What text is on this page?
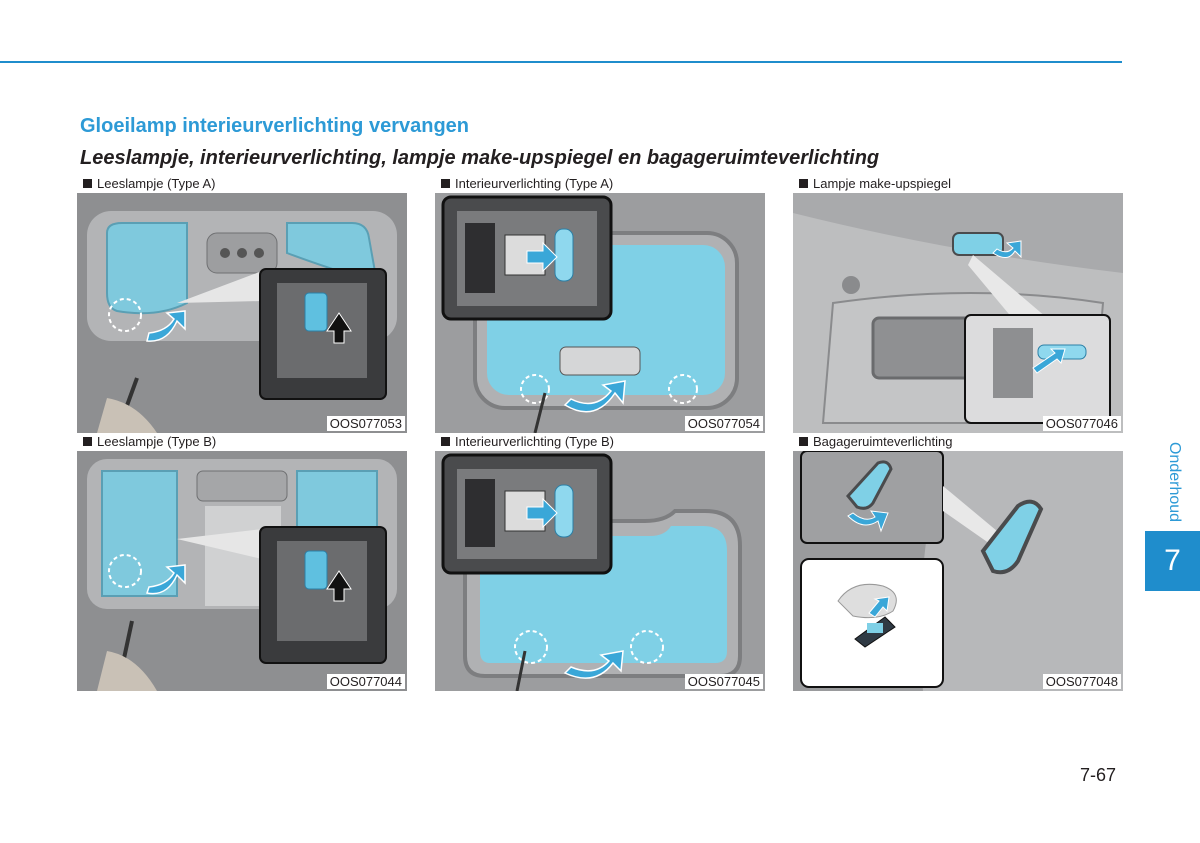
Gloeilamp interieurverlichting vervangen
Leeslampje, interieurverlichting, lampje make-upspiegel en bagageruimteverlichting
Leeslampje (Type A)
OOS077053
Interieurverlichting (Type A)
OOS077054
Lampje make-upspiegel
OOS077046
Leeslampje (Type B)
OOS077044
Interieurverlichting (Type B)
OOS077045
Bagageruimteverlichting
OOS077048
Onderhoud
7
7-67
